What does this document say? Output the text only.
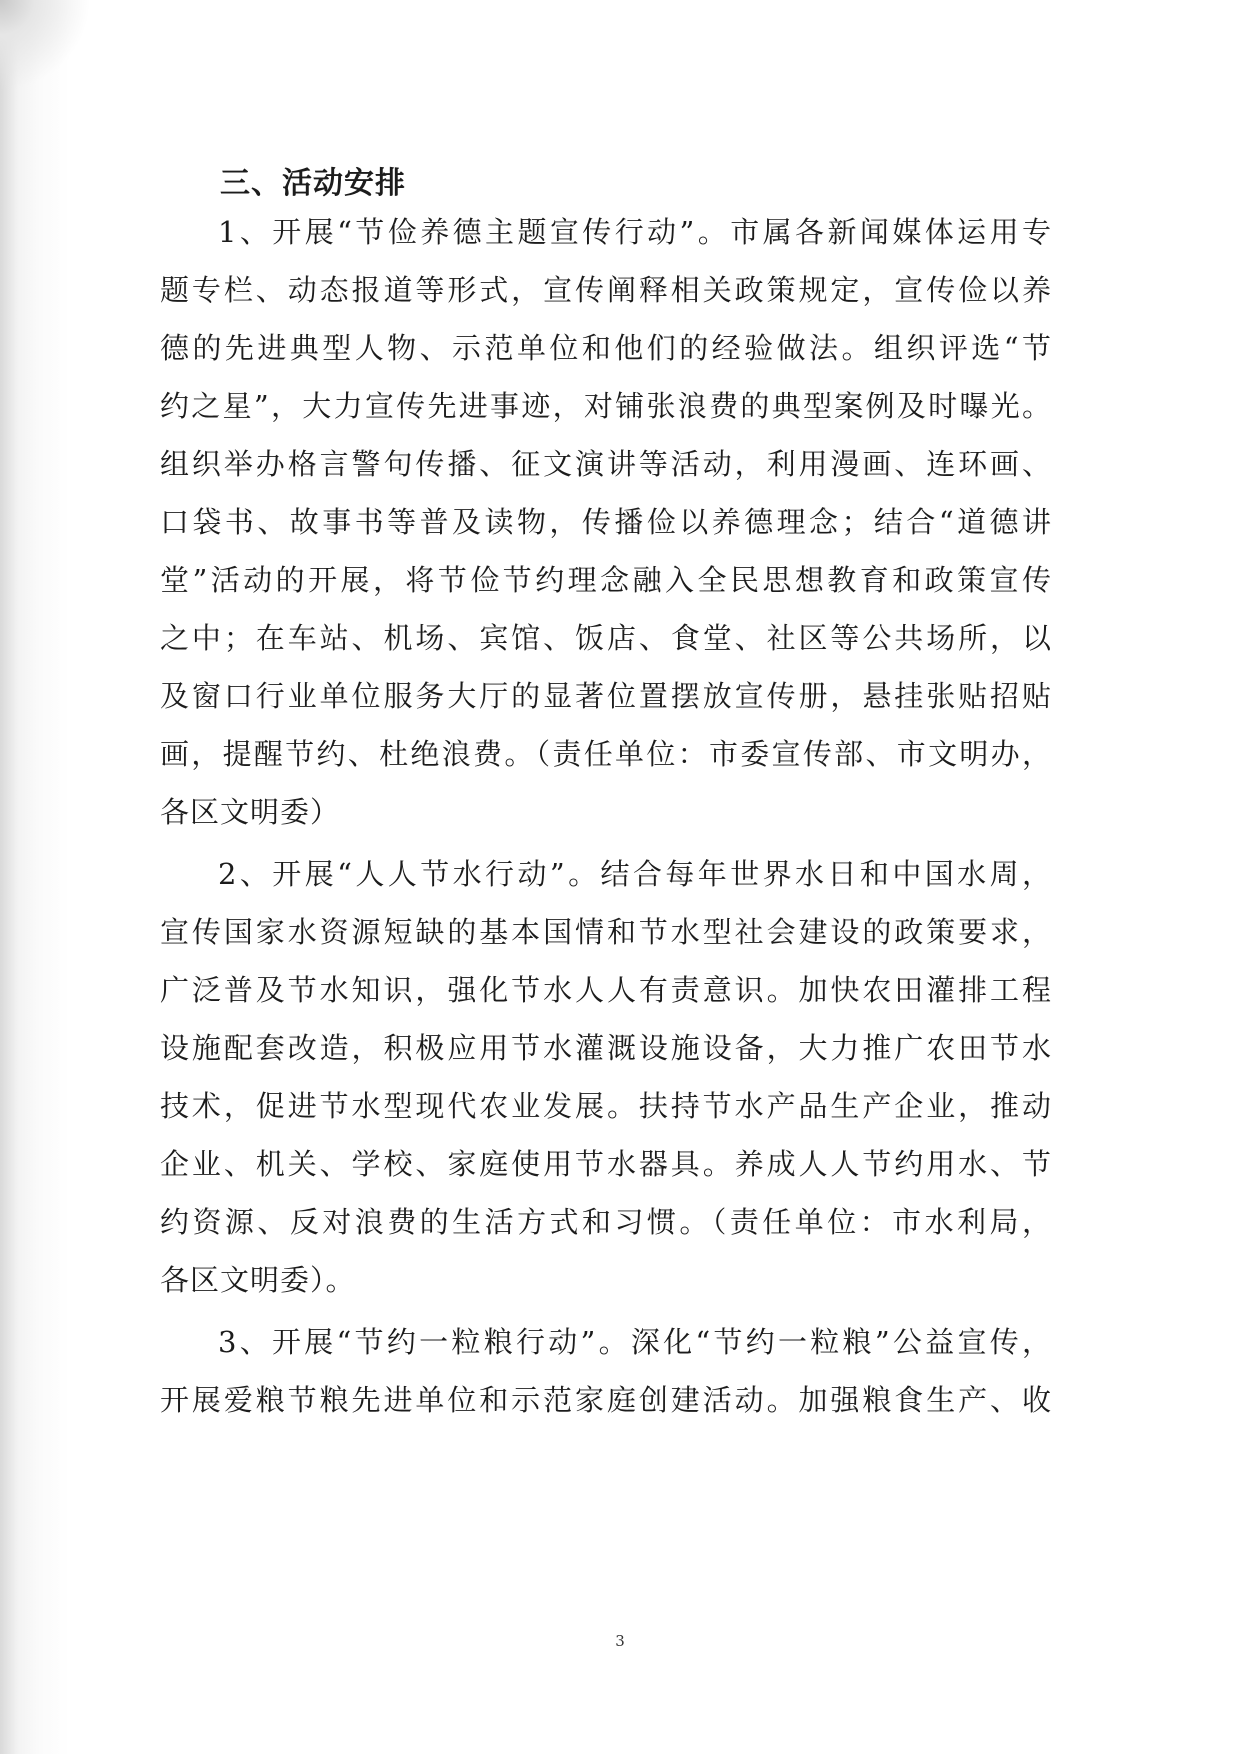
三、活动安排
1、开展“节俭养德主题宣传行动”。市属各新闻媒体运用专
题专栏、动态报道等形式，宣传阐释相关政策规定，宣传俭以养
德的先进典型人物、示范单位和他们的经验做法。组织评选“节
约之星”，大力宣传先进事迹，对铺张浪费的典型案例及时曝光。
组织举办格言警句传播、征文演讲等活动，利用漫画、连环画、
口袋书、故事书等普及读物，传播俭以养德理念；结合“道德讲
堂”活动的开展，将节俭节约理念融入全民思想教育和政策宣传
之中；在车站、机场、宾馆、饭店、食堂、社区等公共场所，以
及窗口行业单位服务大厅的显著位置摆放宣传册，悬挂张贴招贴
画，提醒节约、杜绝浪费。（责任单位：市委宣传部、市文明办，
各区文明委）
2、开展“人人节水行动”。结合每年世界水日和中国水周，
宣传国家水资源短缺的基本国情和节水型社会建设的政策要求，
广泛普及节水知识，强化节水人人有责意识。加快农田灌排工程
设施配套改造，积极应用节水灌溉设施设备，大力推广农田节水
技术，促进节水型现代农业发展。扶持节水产品生产企业，推动
企业、机关、学校、家庭使用节水器具。养成人人节约用水、节
约资源、反对浪费的生活方式和习惯。（责任单位：市水利局，
各区文明委）。
3、开展“节约一粒粮行动”。深化“节约一粒粮”公益宣传，
开展爱粮节粮先进单位和示范家庭创建活动。加强粮食生产、收
3
